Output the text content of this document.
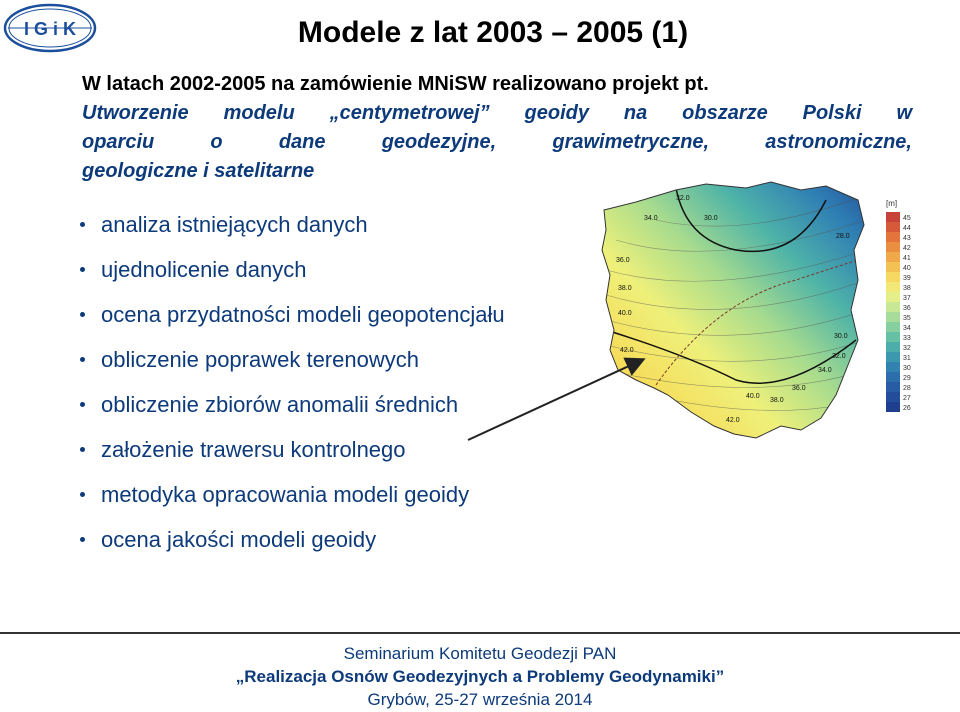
I G i K	Modele z lat 2003 – 2005 (1)
W latach 2002-2005 na zamówienie MNiSW realizowano projekt pt.
Utworzenie modelu „centymetrowej” geoidy na obszarze Polski w
oparciu o dane geodezyjne, grawimetryczne, astronomiczne,
geologiczne i satelitarne
analiza istniejących danych
ujednolicenie danych
ocena przydatności modeli geopotencjału
obliczenie poprawek terenowych
obliczenie zbiorów anomalii średnich
założenie trawersu kontrolnego
metodyka opracowania modeli geoidy
ocena jakości modeli geoidy
32.0
34.0	30.0
28.0
36.0
38.0
40.0
42.0
30.0
32.0
34.0
36.0
38.0
40.0
42.0
[m]
45
44
43
42
41
40
39
38
37
36
35
34
33
32
31
30
29
28
27
26
Seminarium Komitetu Geodezji PAN
„Realizacja Osnów Geodezyjnych a Problemy Geodynamiki”
Grybów, 25-27 września 2014
